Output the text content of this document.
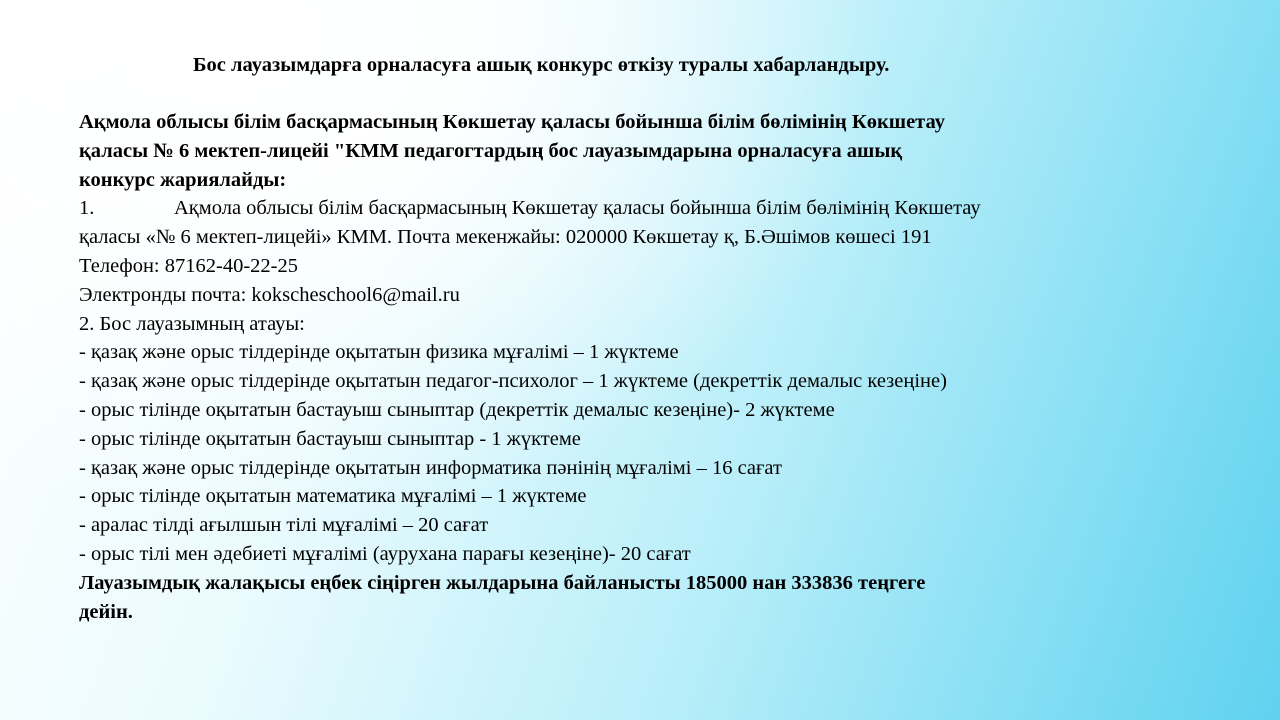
Бос лауазымдарға орналасуға ашық конкурс өткізу туралы хабарландыру.
Ақмола облысы білім басқармасының Көкшетау қаласы бойынша білім бөлімінің Көкшетау
қаласы № 6 мектеп-лицейі "КММ педагогтардың бос лауазымдарына орналасуға ашық
конкурс жариялайды:
1.	Ақмола облысы білім басқармасының Көкшетау қаласы бойынша білім бөлімінің Көкшетау
қаласы «№ 6 мектеп-лицейі» КММ. Почта мекенжайы: 020000 Көкшетау қ, Б.Әшімов көшесі 191
Телефон: 87162-40-22-25
Электронды почта: kokscheschool6@mail.ru
2. Бос лауазымның атауы:
- қазақ және орыс тілдерінде оқытатын физика мұғалімі – 1 жүктеме
- қазақ және орыс тілдерінде оқытатын педагог-психолог – 1 жүктеме (декреттік демалыс кезеңіне)
- орыс тілінде оқытатын бастауыш сыныптар (декреттік демалыс кезеңіне)- 2 жүктеме
- орыс тілінде оқытатын бастауыш сыныптар - 1 жүктеме
- қазақ және орыс тілдерінде оқытатын информатика пәнінің мұғалімі – 16 сағат
- орыс тілінде оқытатын математика мұғалімі – 1 жүктеме
- аралас тілді ағылшын тілі мұғалімі – 20 сағат
- орыс тілі мен әдебиеті мұғалімі (аурухана парағы кезеңіне)- 20 сағат
Лауазымдық жалақысы еңбек сіңірген жылдарына байланысты 185000 нан 333836 теңгеге
дейін.
